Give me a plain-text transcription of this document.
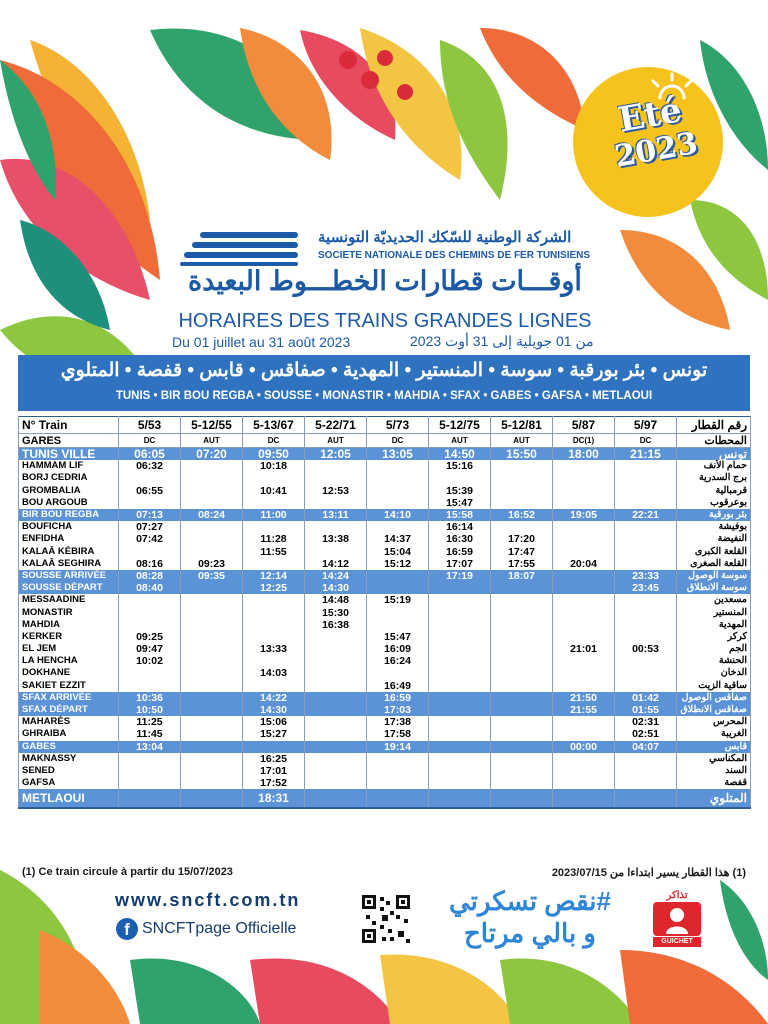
Eté
2023
الشركة الوطنية للسّكك الحديديّة التونسية
SOCIETE NATIONALE DES CHEMINS DE FER TUNISIENS
أوقـــات قطارات الخطـــوط البعيدة
HORAIRES DES TRAINS GRANDES LIGNES
Du 01 juillet au 31 août 2023	من 01 جويلية إلى 31 أوت 2023
تونس • بئر بورقبة • سوسة • المنستير • المهدية • صفاقس • قابس • قفصة • المتلوي
TUNIS • BIR BOU REGBA • SOUSSE • MONASTIR • MAHDIA • SFAX • GABES • GAFSA • METLAOUI
N° Train	5/53	5-12/55	5-13/67	5-22/71	5/73	5-12/75	5-12/81	5/87	5/97	رقم القطار
GARES	DC	AUT	DC	AUT	DC	AUT	AUT	DC(1)	DC	المحطات
TUNIS VILLE	06:05	07:20	09:50	12:05	13:05	14:50	15:50	18:00	21:15	تونس
HAMMAM LIF	06:32		10:18			15:16				حمام الأنف
BORJ CEDRIA										برج السدرية
GROMBALIA	06:55		10:41	12:53		15:39				قرمبالية
BOU ARGOUB						15:47				بوعرقوب
BIR BOU REGBA	07:13	08:24	11:00	13:11	14:10	15:58	16:52	19:05	22:21	بئر بورقبة
BOUFICHA	07:27					16:14				بوفيشة
ENFIDHA	07:42		11:28	13:38	14:37	16:30	17:20			النفيضة
KALAÂ KÉBIRA			11:55		15:04	16:59	17:47			القلعة الكبرى
KALAÂ SEGHIRA	08:16	09:23		14:12	15:12	17:07	17:55	20:04		القلعة الصغرى
SOUSSE ARRIVÉE	08:28	09:35	12:14	14:24		17:19	18:07		23:33	سوسة الوصول
SOUSSE DÉPART	08:40		12:25	14:30					23:45	سوسة الانطلاق
MESSAADINE				14:48	15:19					مسعدين
MONASTIR				15:30						المنستير
MAHDIA				16:38						المهدية
KERKER	09:25				15:47					كركر
EL JEM	09:47		13:33		16:09			21:01	00:53	الجم
LA HENCHA	10:02				16:24					الحنشة
DOKHANE			14:03							الدخان
SAKIET EZZIT					16:49					ساقية الزيت
SFAX ARRIVÉE	10:36		14:22		16:59			21:50	01:42	صفاقس الوصول
SFAX DÉPART	10:50		14:30		17:03			21:55	01:55	صفاقس الانطلاق
MAHARÈS	11:25		15:06		17:38				02:31	المحرس
GHRAIBA	11:45		15:27		17:58				02:51	الغريبة
GABES	13:04				19:14			00:00	04:07	قابس
MAKNASSY			16:25							المكناسي
SENED			17:01							السند
GAFSA			17:52							قفصة
METLAOUI			18:31							المتلوي
(1) Ce train circule à partir du 15/07/2023	(1) هذا القطار يسير ابتداءا من 2023/07/15
www.sncft.com.tn
f SNCFTpage Officielle
#نقص تسكرتي
و بالي مرتاح
تذاكر
GUICHET
